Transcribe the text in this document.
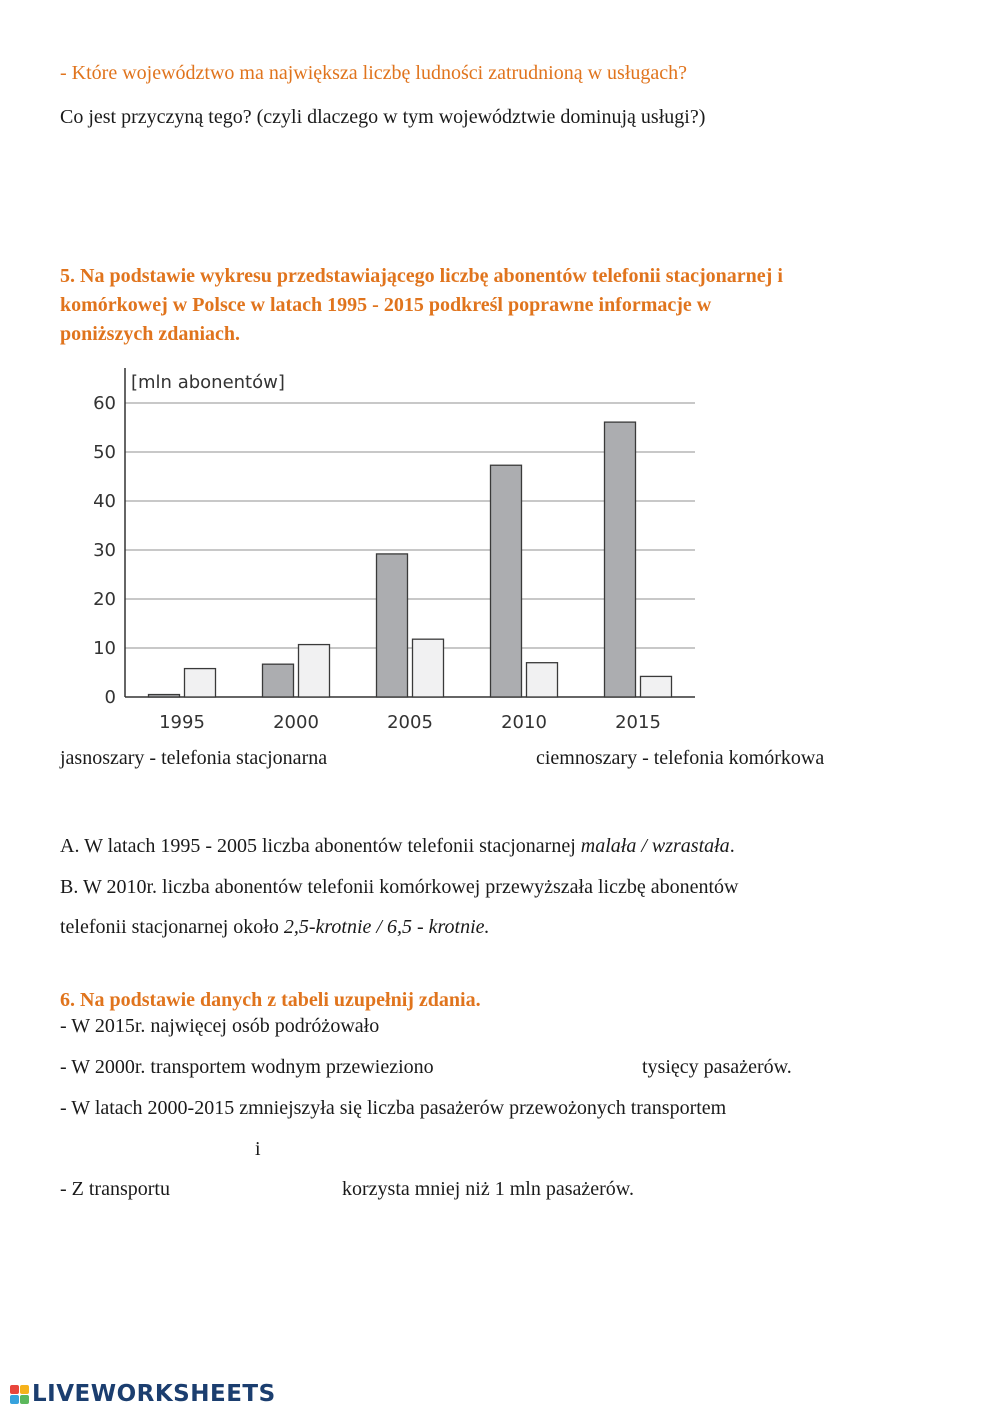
- Które województwo ma największa liczbę ludności zatrudnioną w usługach?
Co jest przyczyną tego? (czyli dlaczego w tym województwie dominują usługi?)
5. Na podstawie wykresu przedstawiającego liczbę abonentów telefonii stacjonarnej i
komórkowej w Polsce w latach 1995 - 2015 podkreśl poprawne informacje w
poniższych zdaniach.
0
10
20
30
40
50
60
[mln abonentów]
1995	2000	2005	2010	2015
jasnoszary - telefonia stacjonarna	ciemnoszary - telefonia komórkowa
A. W latach 1995 - 2005 liczba abonentów telefonii stacjonarnej malała / wzrastała.
B. W 2010r. liczba abonentów telefonii komórkowej przewyższała liczbę abonentów
telefonii stacjonarnej około 2,5-krotnie / 6,5 - krotnie.
6. Na podstawie danych z tabeli uzupełnij zdania.
- W 2015r. najwięcej osób podróżowało
- W 2000r. transportem wodnym przewieziono	tysięcy pasażerów.
- W latach 2000-2015 zmniejszyła się liczba pasażerów przewożonych transportem
i
- Z transportu	korzysta mniej niż 1 mln pasażerów.
LIVEWORKSHEETS
